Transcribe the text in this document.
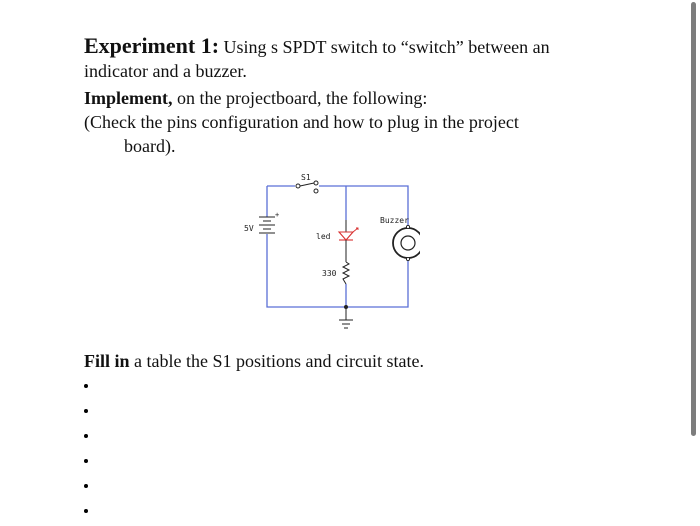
Experiment 1: Using s SPDT switch to “switch” between an
indicator and a buzzer.
Implement, on the projectboard, the following:
(Check the pins configuration and how to plug in the project
board).
S1
+
5V
led
330
Buzzer
Fill in a table the S1 positions and circuit state.
